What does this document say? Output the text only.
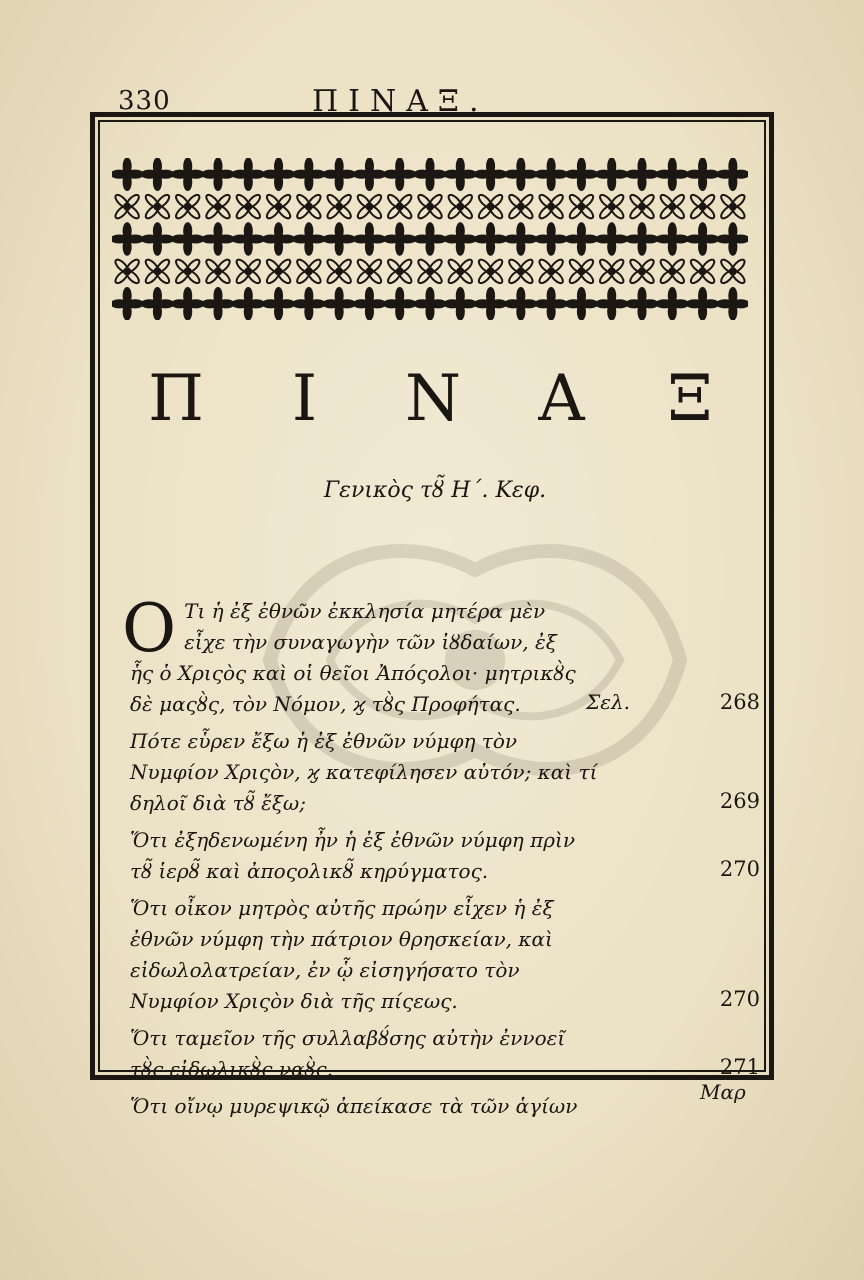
330	ΠΙΝΑΞ.
Π	Ι	Ν	Α	Ξ
Γενικὸς τȣ̃ Η΄. Κεφ.
Ο Τι ἡ ἐξ ἐθνῶν ἐκκλησία μητέρα μὲν εἶχε τὴν συναγωγὴν τῶν ἰȣδαίων, ἐξ ἧς ὁ Χριςὸς καὶ οἱ θεῖοι Ἀπόςολοι· μητρικȣ̀ς δὲ μαςȣ̀ς, τὸν Νόμον, ϗ τȣ̀ς Προφήτας.	Σελ.	268
Πότε εὗρεν ἔξω ἡ ἐξ ἐθνῶν νύμφη τὸν Νυμφίον Χριςὸν, ϗ κατεφίλησεν αὐτόν; καὶ τί δηλοῖ διὰ τȣ̃ ἔξω;	269
Ὅτι ἐξηδενωμένη ἦν ἡ ἐξ ἐθνῶν νύμφη πρὶν τȣ̃ ἱερȣ̃ καὶ ἀποςολικȣ̃ κηρύγματος.	270
Ὅτι οἶκον μητρὸς αὐτῆς πρώην εἶχεν ἡ ἐξ ἐθνῶν νύμφη τὴν πάτριον θρησκείαν, καὶ εἰδωλολατρείαν, ἐν ᾧ εἰσηγήσατο τὸν Νυμφίον Χριςὸν διὰ τῆς πίςεως.	270
Ὅτι ταμεῖον τῆς συλλαβȣ́σης αὐτὴν ἐννοεῖ τȣ̀ς εἰδωλικȣ̀ς ναȣ̀ς.	271
Ὅτι οἴνῳ μυρεψικῷ ἀπείκασε τὰ τῶν ἁγίων
Μαρ
